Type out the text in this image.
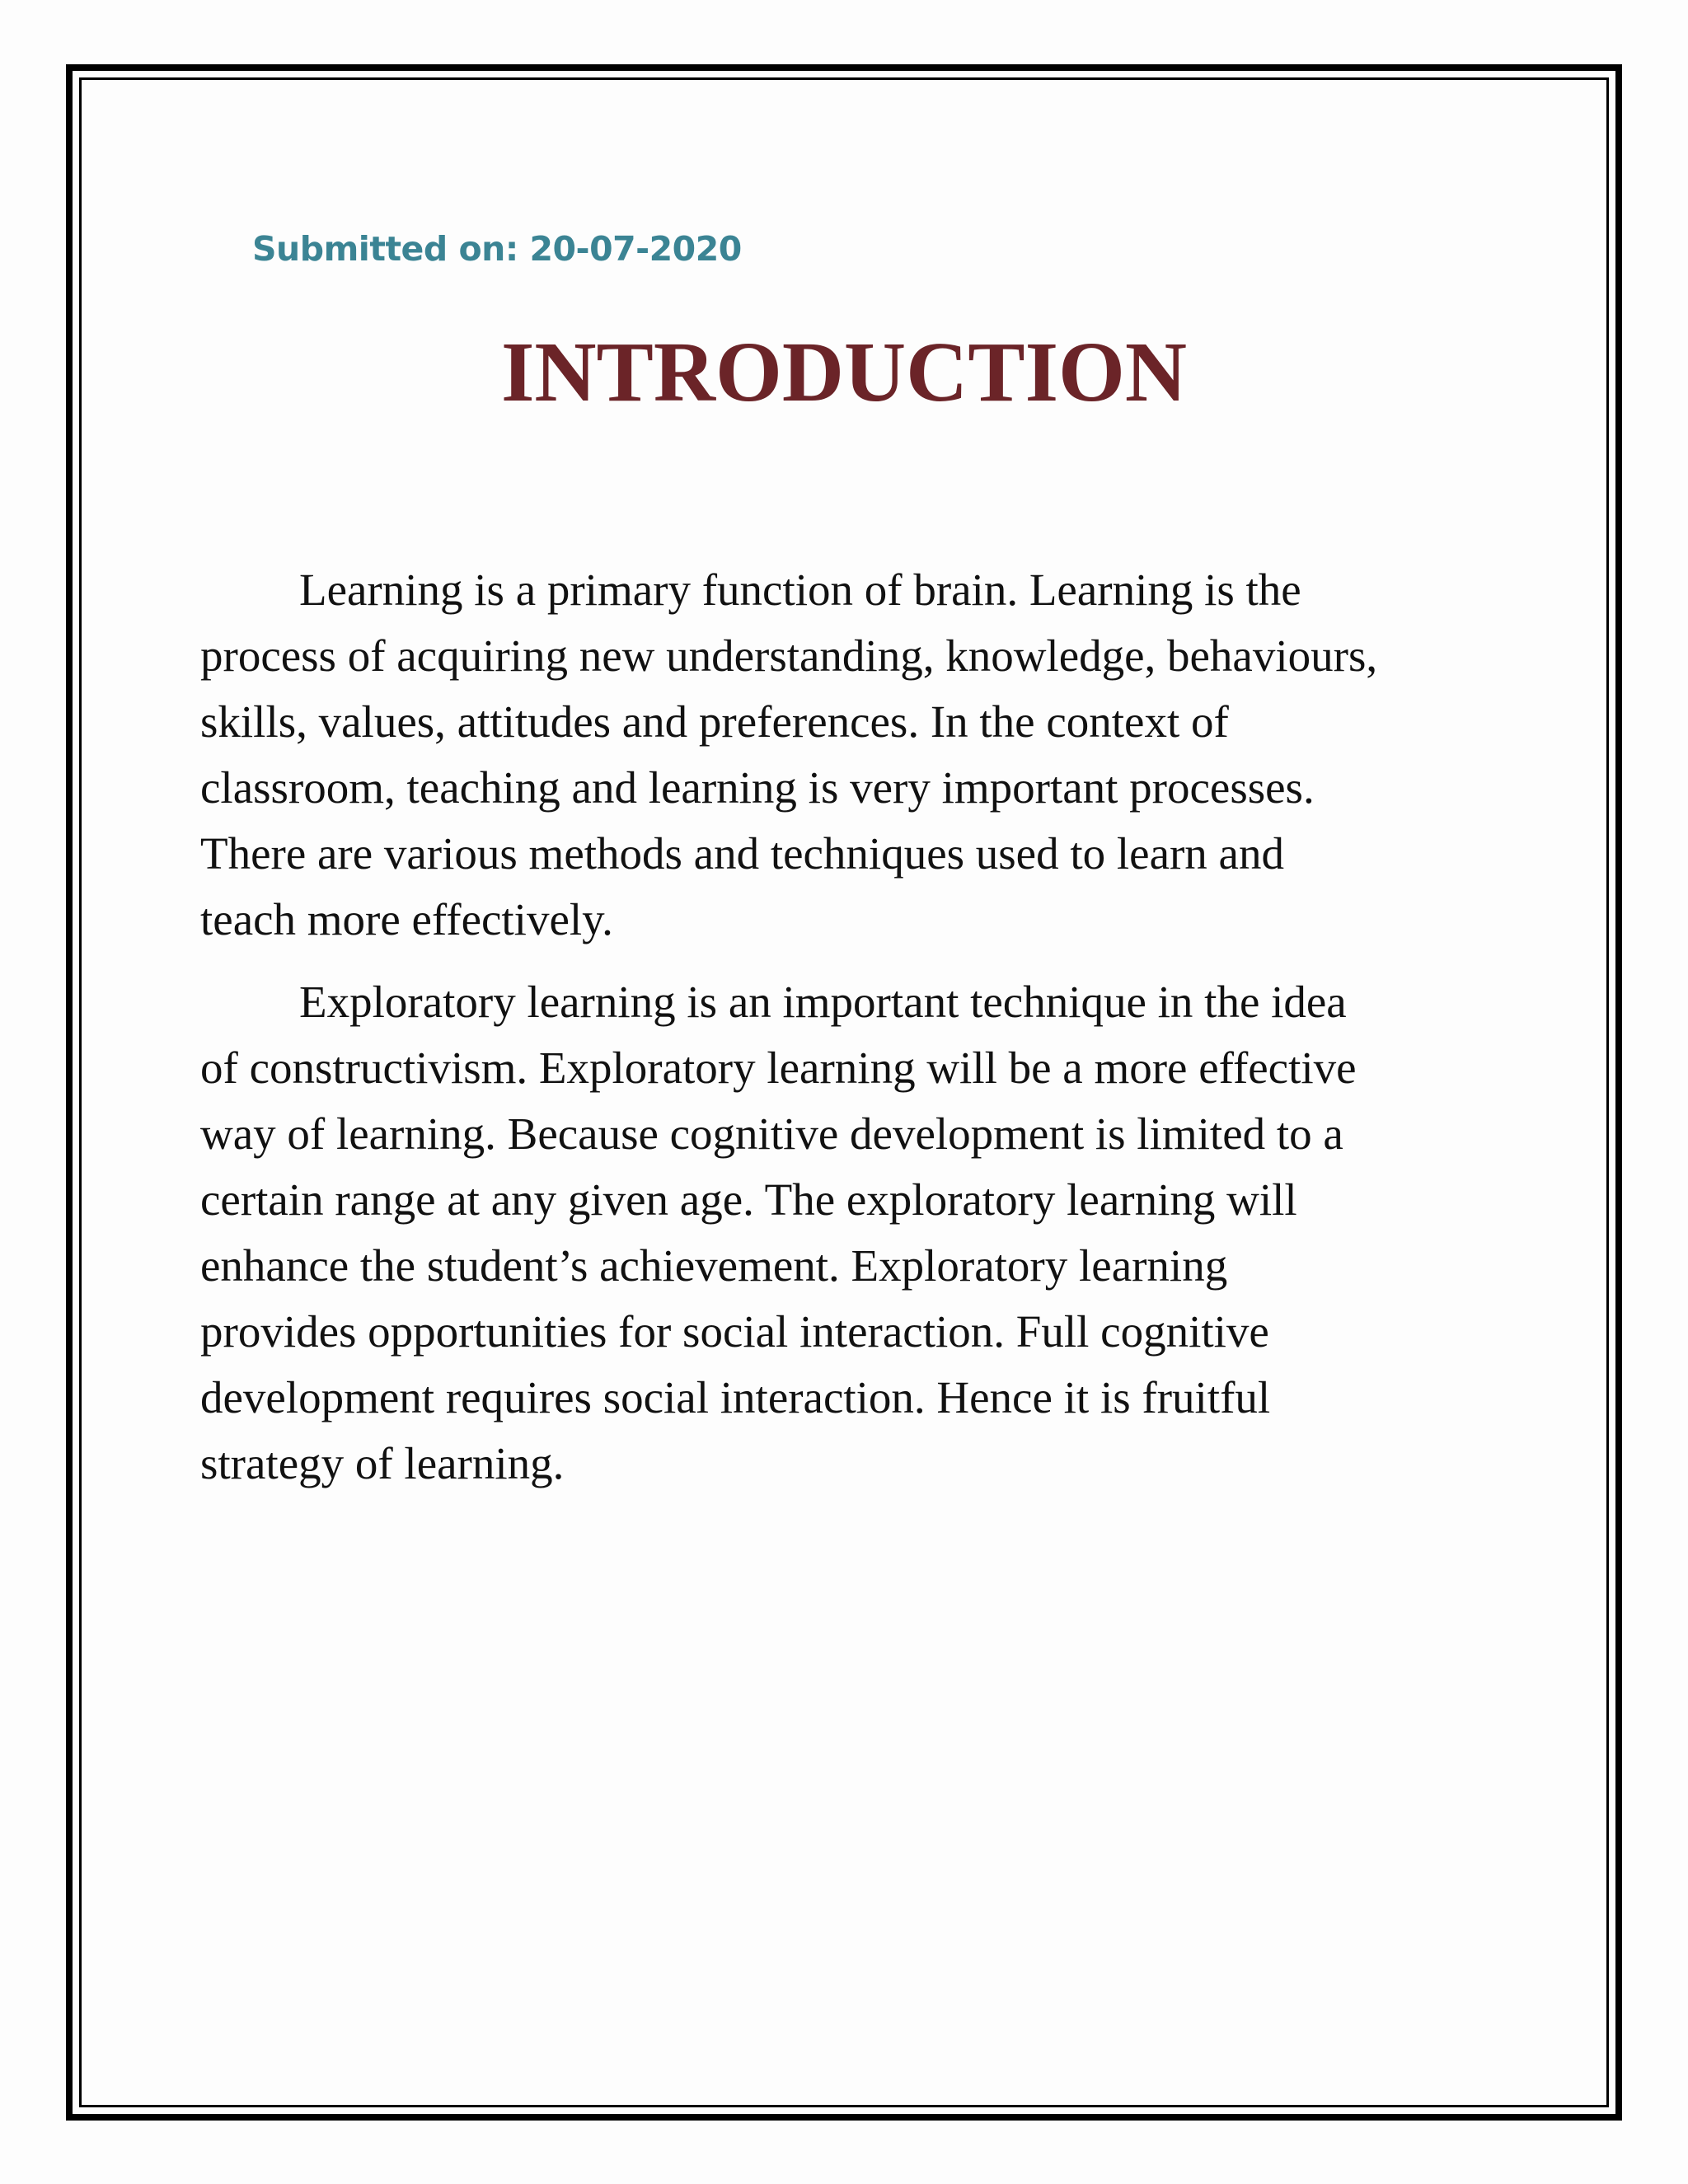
Submitted on: 20-07-2020
INTRODUCTION
Learning is a primary function of brain. Learning is the
process of acquiring new understanding, knowledge, behaviours,
skills, values, attitudes and preferences. In the context of
classroom, teaching and learning is very important processes.
There are various methods and techniques used to learn and
teach more effectively.
Exploratory learning is an important technique in the idea
of constructivism. Exploratory learning will be a more effective
way of learning. Because cognitive development is limited to a
certain range at any given age. The exploratory learning will
enhance the student’s achievement. Exploratory learning
provides opportunities for social interaction. Full cognitive
development requires social interaction. Hence it is fruitful
strategy of learning.
